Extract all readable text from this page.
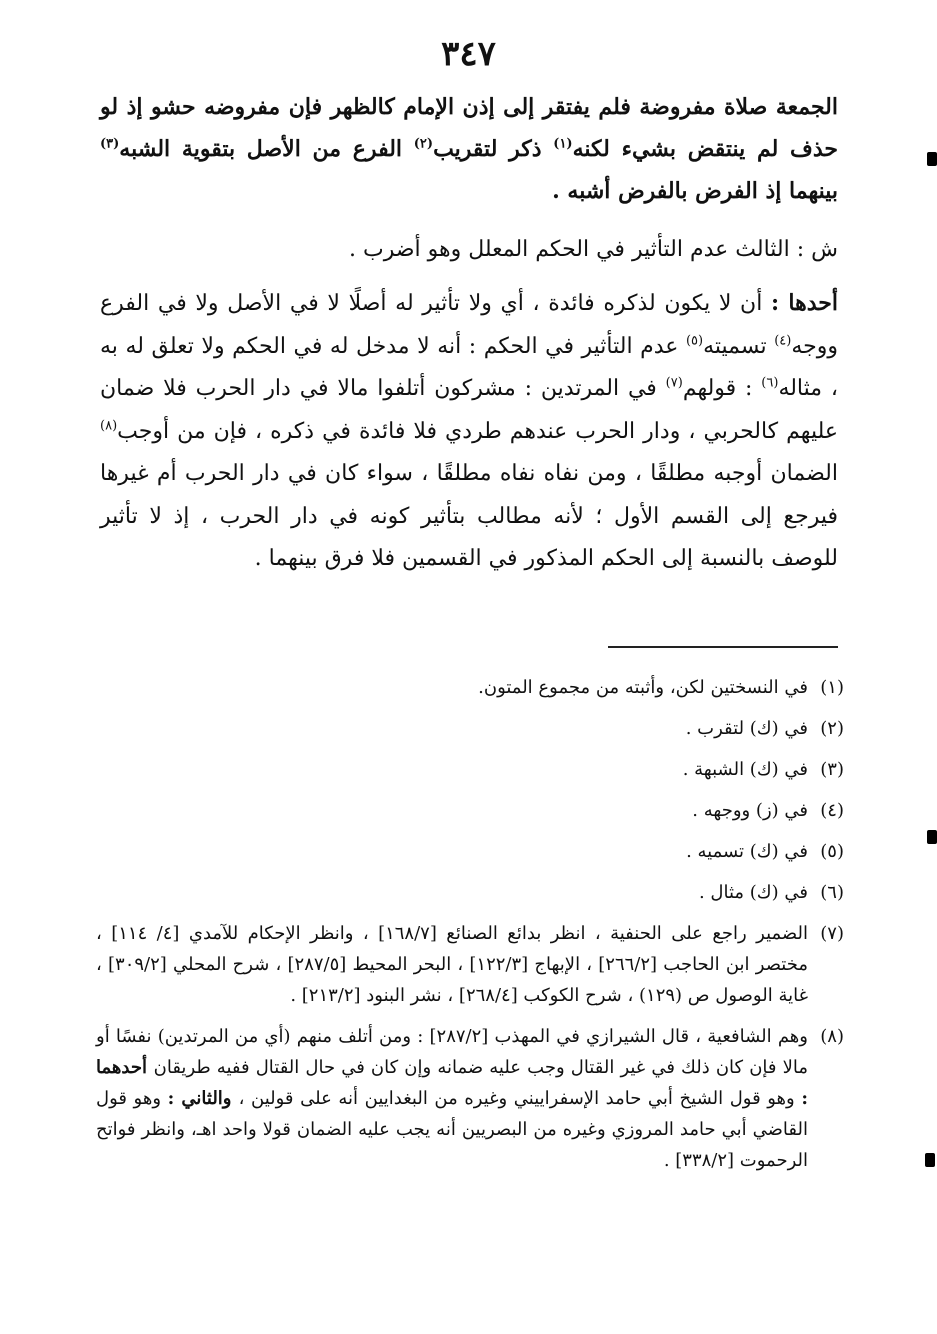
٣٤٧
الجمعة صلاة مفروضة فلم يفتقر إلى إذن الإمام كالظهر فإن مفروضه حشو إذ لو حذف لم ينتقض بشيء لكنه$^{(١)}$ ذكر لتقريب$^{(٢)}$ الفرع من الأصل بتقوية الشبه$^{(٣)}$ بينهما إذ الفرض بالفرض أشبه .
ش : الثالث عدم التأثير في الحكم المعلل وهو أضرب .
أحدها : أن لا يكون لذكره فائدة ، أي ولا تأثير له أصلًا لا في الأصل ولا في الفرع ووجه$^{(٤)}$ تسميته$^{(٥)}$ عدم التأثير في الحكم : أنه لا مدخل له في الحكم ولا تعلق له به ، مثاله$^{(٦)}$ : قولهم$^{(٧)}$ في المرتدين : مشركون أتلفوا مالا في دار الحرب فلا ضمان عليهم كالحربي ، ودار الحرب عندهم طردي فلا فائدة في ذكره ، فإن من أوجب$^{(٨)}$ الضمان أوجبه مطلقًا ، ومن نفاه نفاه مطلقًا ، سواء كان في دار الحرب أم غيرها فيرجع إلى القسم الأول ؛ لأنه مطالب بتأثير كونه في دار الحرب ، إذ لا تأثير للوصف بالنسبة إلى الحكم المذكور في القسمين فلا فرق بينهما .
(١)
في النسختين لكن، وأثبته من مجموع المتون.
(٢)
في (ك) لتقرب .
(٣)
في (ك) الشبهة .
(٤)
في (ز) ووجهه .
(٥)
في (ك) تسميه .
(٦)
في (ك) مثال .
(٧)
الضمير راجع على الحنفية ، انظر بدائع الصنائع [١٦٨/٧] ، وانظر الإحكام للآمدي [٤/ ١١٤] ، مختصر ابن الحاجب [٢٦٦/٢] ، الإبهاج [١٢٢/٣] ، البحر المحيط [٢٨٧/٥] ، شرح المحلي [٣٠٩/٢] ، غاية الوصول ص (١٢٩) ، شرح الكوكب [٢٦٨/٤] ، نشر البنود [٢١٣/٢] .
(٨)
وهم الشافعية ، قال الشيرازي في المهذب [٢٨٧/٢] : ومن أتلف منهم (أي من المرتدين) نفسًا أو مالا فإن كان ذلك في غير القتال وجب عليه ضمانه وإن كان في حال القتال ففيه طريقان أحدهما : وهو قول الشيخ أبي حامد الإسفراييني وغيره من البغدايين أنه على قولين ، والثاني : وهو قول القاضي أبي حامد المروزي وغيره من البصريين أنه يجب عليه الضمان قولا واحد اهـ، وانظر فواتح الرحموت [٣٣٨/٢] .
